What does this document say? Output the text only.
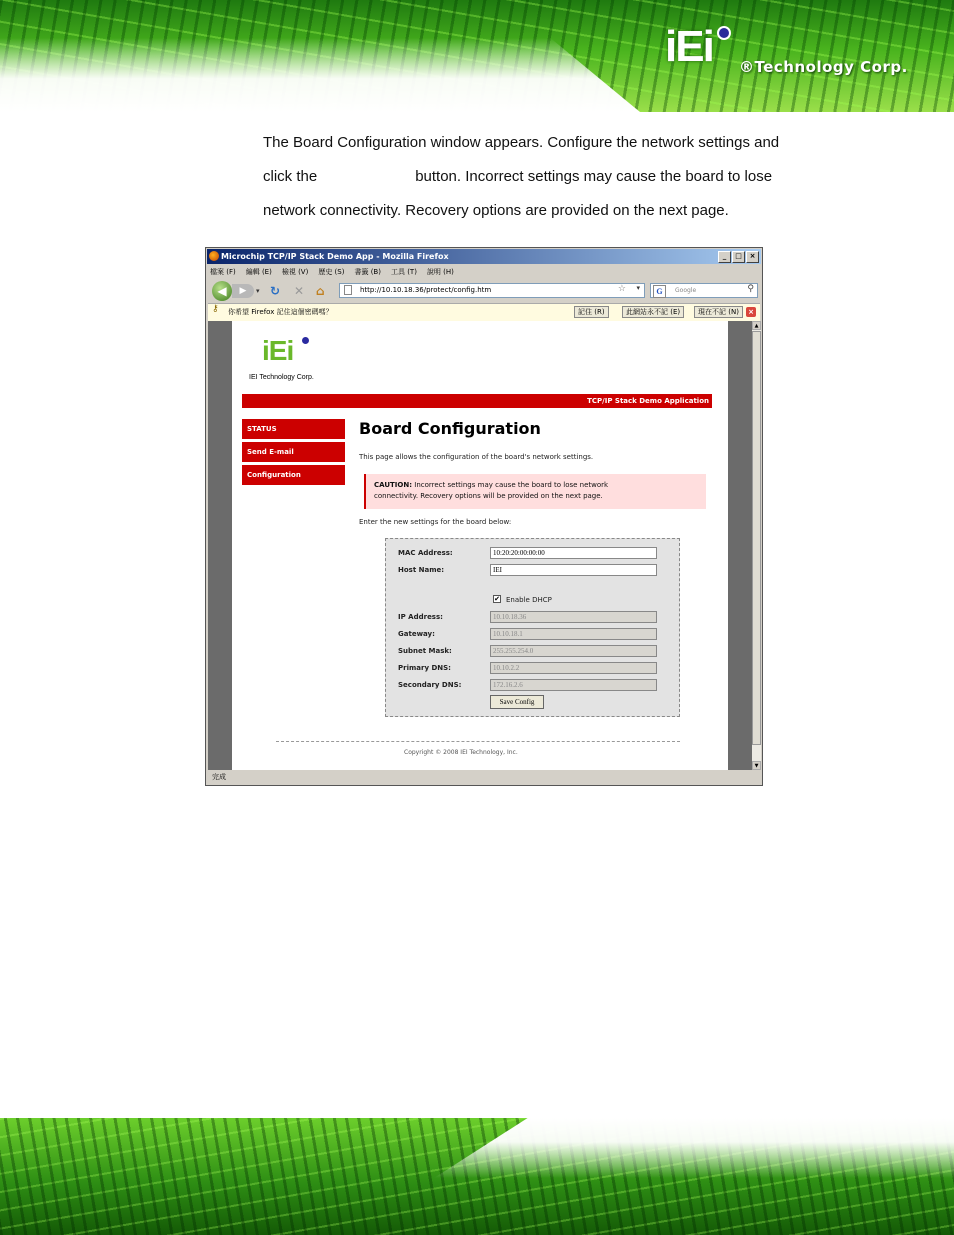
iEi ®Technology Corp.
The Board Configuration window appears. Configure the network settings and
click the	button. Incorrect settings may cause the board to lose
network connectivity. Recovery options are provided on the next page.
Microchip TCP/IP Stack Demo App - Mozilla Firefox	_	□	×
檔案 (F) 編輯 (E) 檢視 (V) 歷史 (S) 書籤 (B) 工具 (T) 說明 (H)
◀	▶	▾ ↻ ✕ ⌂	http://10.10.18.36/protect/config.htm	☆ ▾	G	Google	⚲
⚷ 你希望 Firefox 記住這個密碼嗎？	記住 (R)	此網站永不記 (E)	現在不記 (N)	×
iEi
IEI Technology Corp.
TCP/IP Stack Demo Application
STATUS
Send E-mail
Configuration
Board Configuration
This page allows the configuration of the board's network settings.
CAUTION: Incorrect settings may cause the board to lose network
connectivity. Recovery options will be provided on the next page.
Enter the new settings for the board below:
MAC Address:	10:20:20:00:00:00
Host Name:	IEI
✔ Enable DHCP
IP Address:	10.10.18.36
Gateway:	10.10.18.1
Subnet Mask:	255.255.254.0
Primary DNS:	10.10.2.2
Secondary DNS:	172.16.2.6
Save Config
Copyright © 2008 IEI Technology, Inc.
▲
▼
完成
